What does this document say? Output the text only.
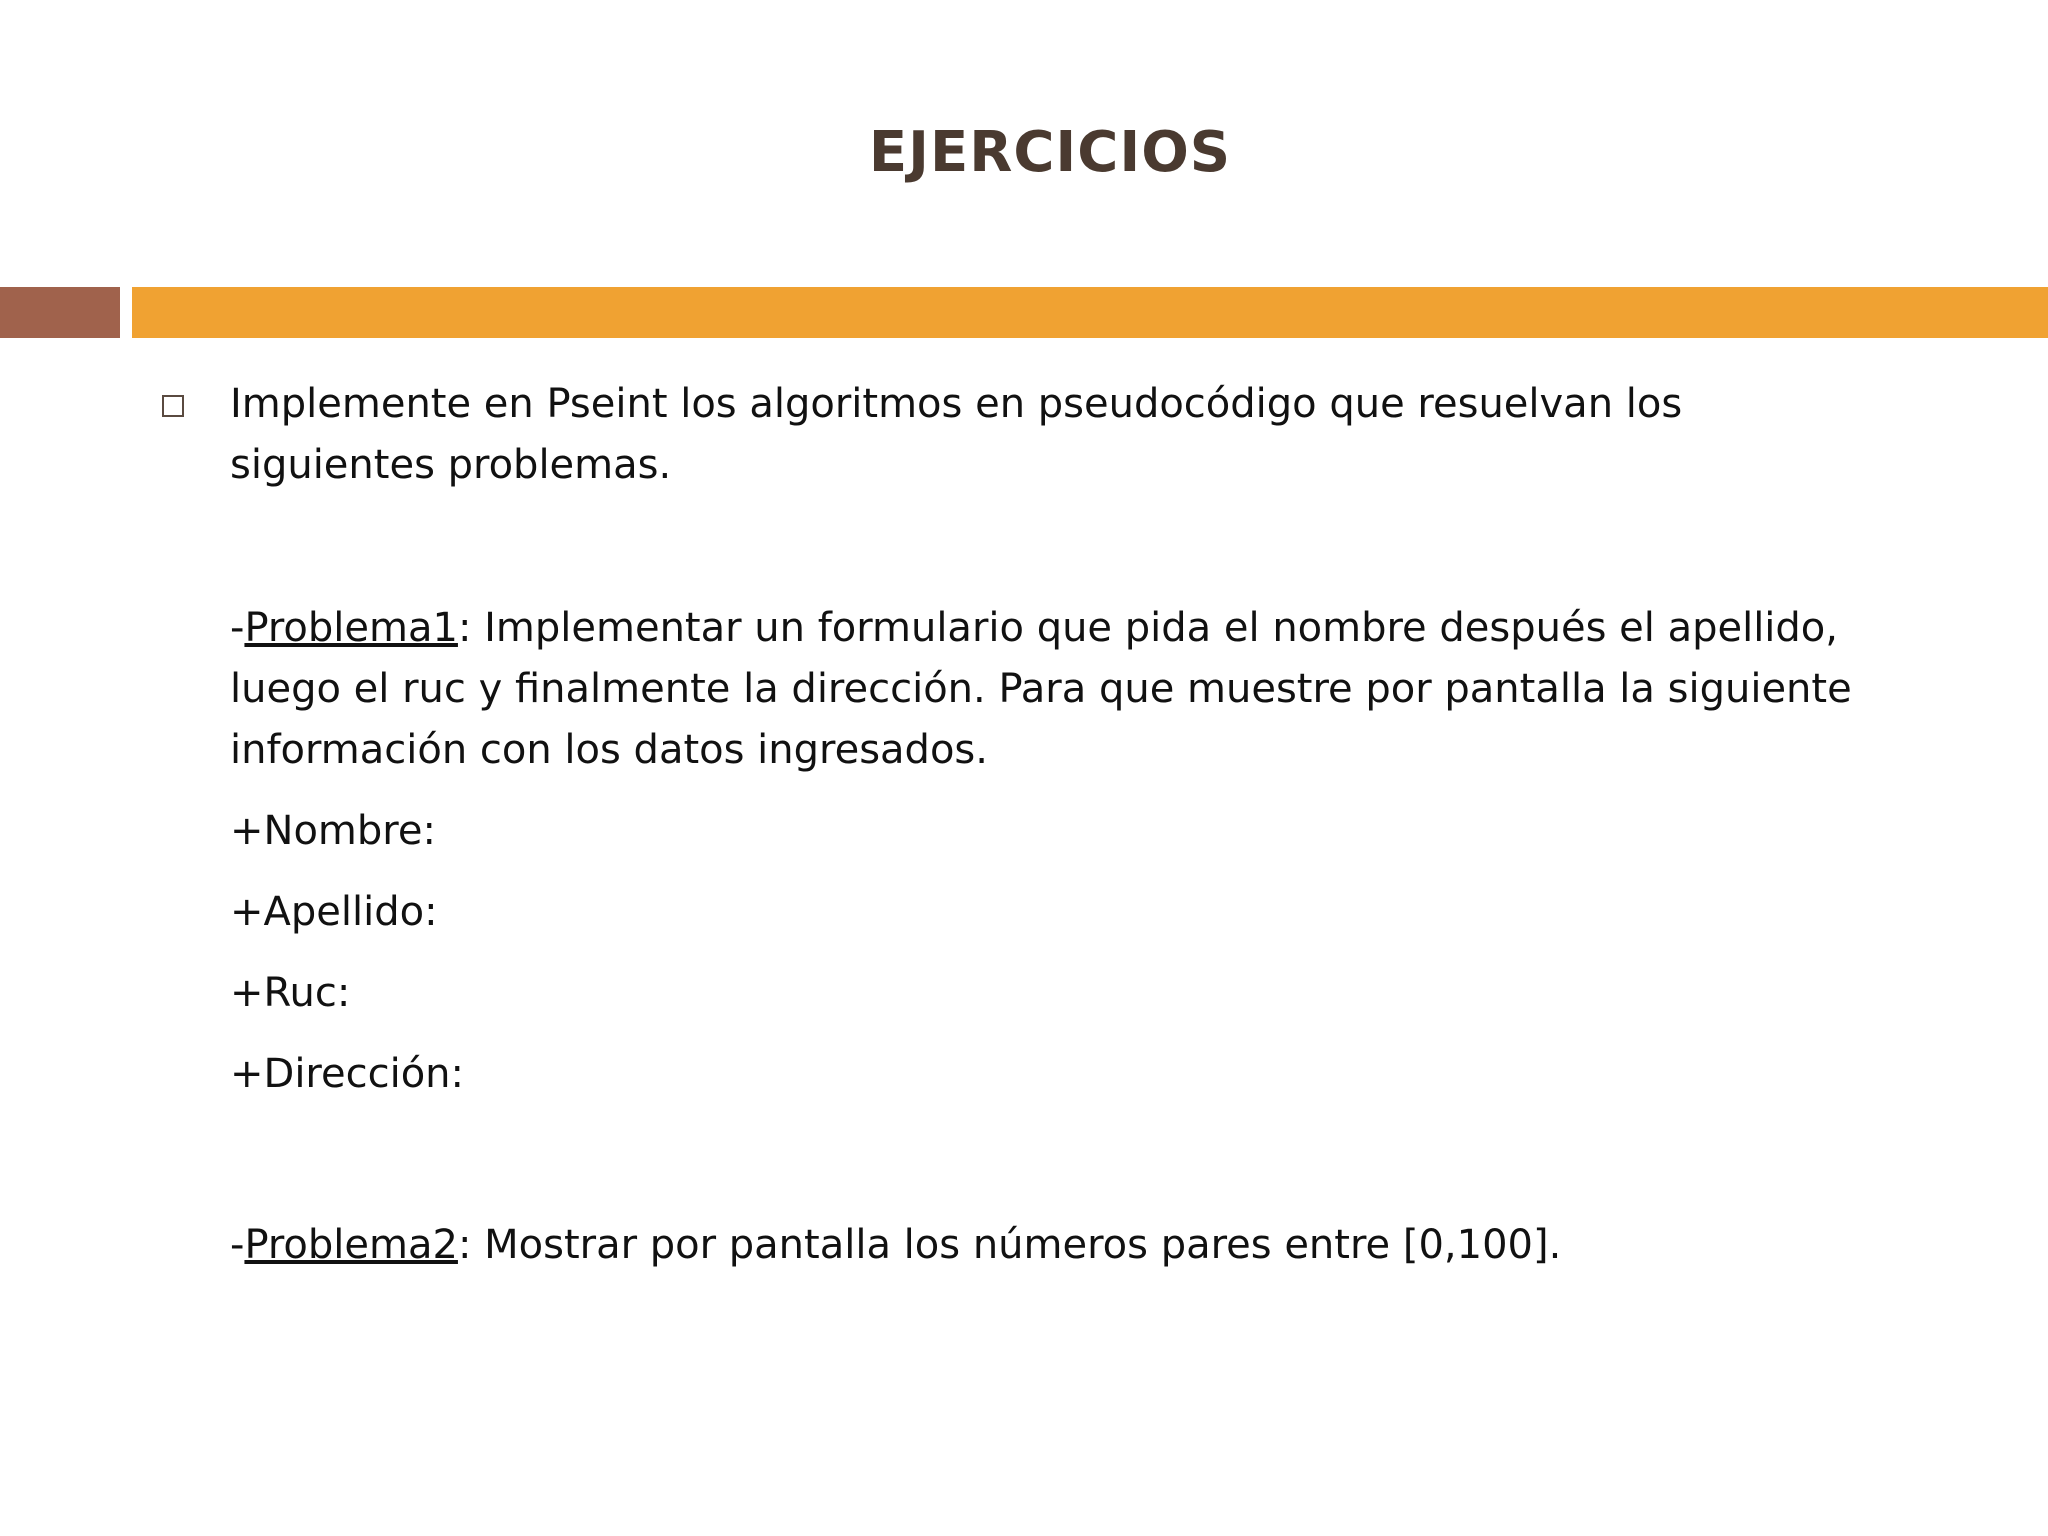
EJERCICIOS

Implemente en Pseint los algoritmos en pseudocódigo que resuelvan los siguientes problemas.

-Problema1: Implementar un formulario que pida el nombre después el apellido, luego el ruc y finalmente la dirección. Para que muestre por pantalla la siguiente información con los datos ingresados.

+Nombre:

+Apellido:

+Ruc:

+Dirección:

-Problema2: Mostrar por pantalla los números pares entre [0,100].
